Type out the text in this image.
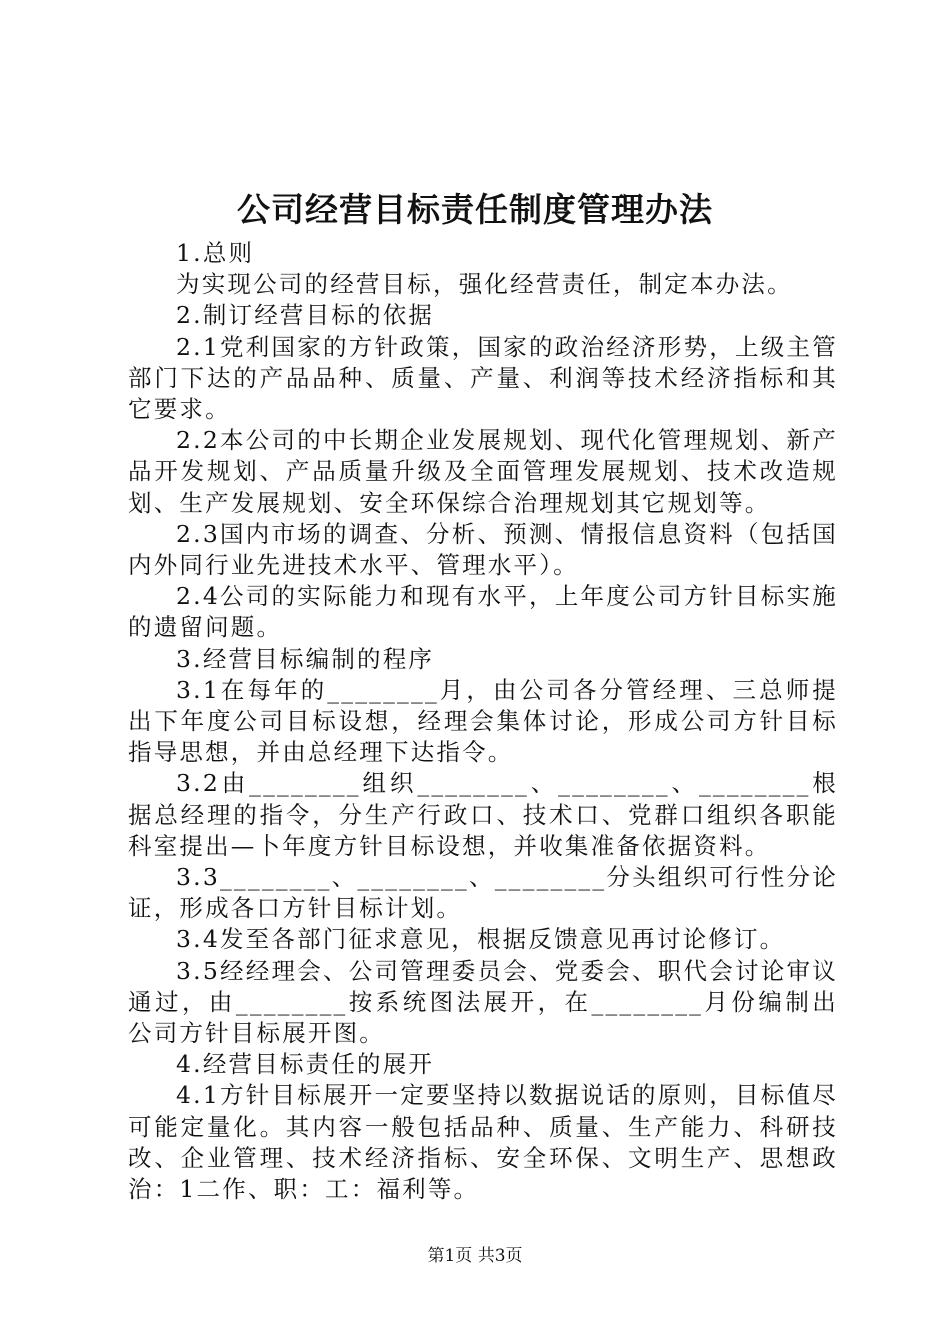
公司经营目标责任制度管理办法

1.总则

为实现公司的经营目标，强化经营责任，制定本办法。

2.制订经营目标的依据

2.1党利国家的方针政策，国家的政治经济形势，上级主管部门下达的产品品种、质量、产量、利润等技术经济指标和其它要求。

2.2本公司的中长期企业发展规划、现代化管理规划、新产品开发规划、产品质量升级及全面管理发展规划、技术改造规划、生产发展规划、安全环保综合治理规划其它规划等。

2.3国内市场的调查、分析、预测、情报信息资料（包括国内外同行业先进技术水平、管理水平）。

2.4公司的实际能力和现有水平，上年度公司方针目标实施的遗留问题。

3.经营目标编制的程序

3.1在每年的________月，由公司各分管经理、三总师提出下年度公司目标设想，经理会集体讨论，形成公司方针目标指导思想，并由总经理下达指令。

3.2由________组织________、________、________根据总经理的指令，分生产行政口、技术口、党群口组织各职能科室提出—卜年度方针目标设想，并收集准备依据资料。

3.3________、________、________分头组织可行性分论证，形成各口方针目标计划。

3.4发至各部门征求意见，根据反馈意见再讨论修订。

3.5经经理会、公司管理委员会、党委会、职代会讨论审议通过，由________按系统图法展开，在________月份编制出公司方针目标展开图。

4.经营目标责任的展开

4.1方针目标展开一定要坚持以数据说话的原则，目标值尽可能定量化。其内容一般包括品种、质量、生产能力、科研技改、企业管理、技术经济指标、安全环保、文明生产、思想政治：1二作、职：工：福利等。

第1页 共3页
